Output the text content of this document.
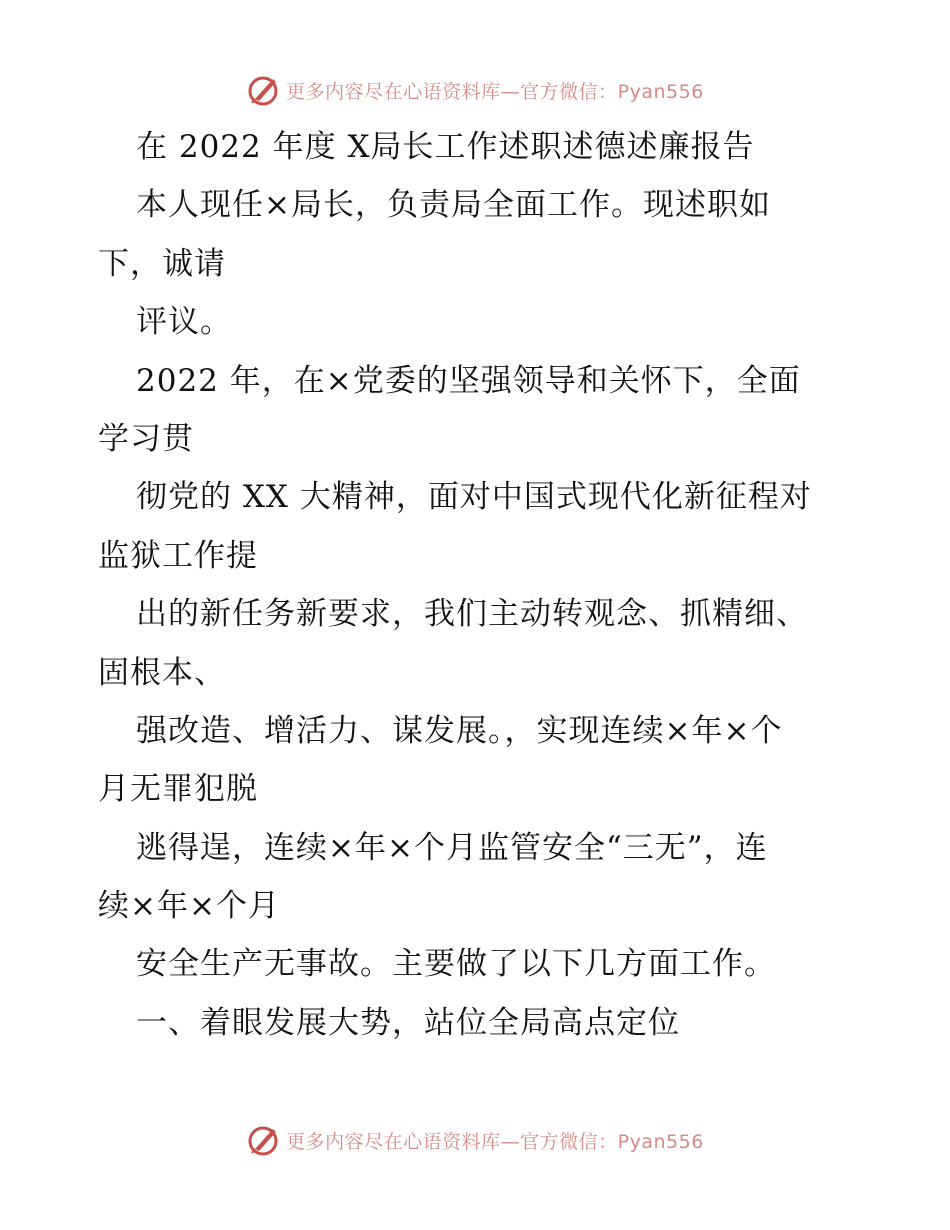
更多内容尽在心语资料库—官方微信：Pyan556
在 2022 年度 X局长工作述职述德述廉报告
本人现任×局长，负责局全面工作。现述职如
下，诚请
评议。
2022 年，在×党委的坚强领导和关怀下，全面
学习贯
彻党的 XX 大精神，面对中国式现代化新征程对
监狱工作提
出的新任务新要求，我们主动转观念、抓精细、
固根本、
强改造、增活力、谋发展。，实现连续×年×个
月无罪犯脱
逃得逞，连续×年×个月监管安全“三无”，连
续×年×个月
安全生产无事故。主要做了以下几方面工作。
一、着眼发展大势，站位全局高点定位
更多内容尽在心语资料库—官方微信：Pyan556
